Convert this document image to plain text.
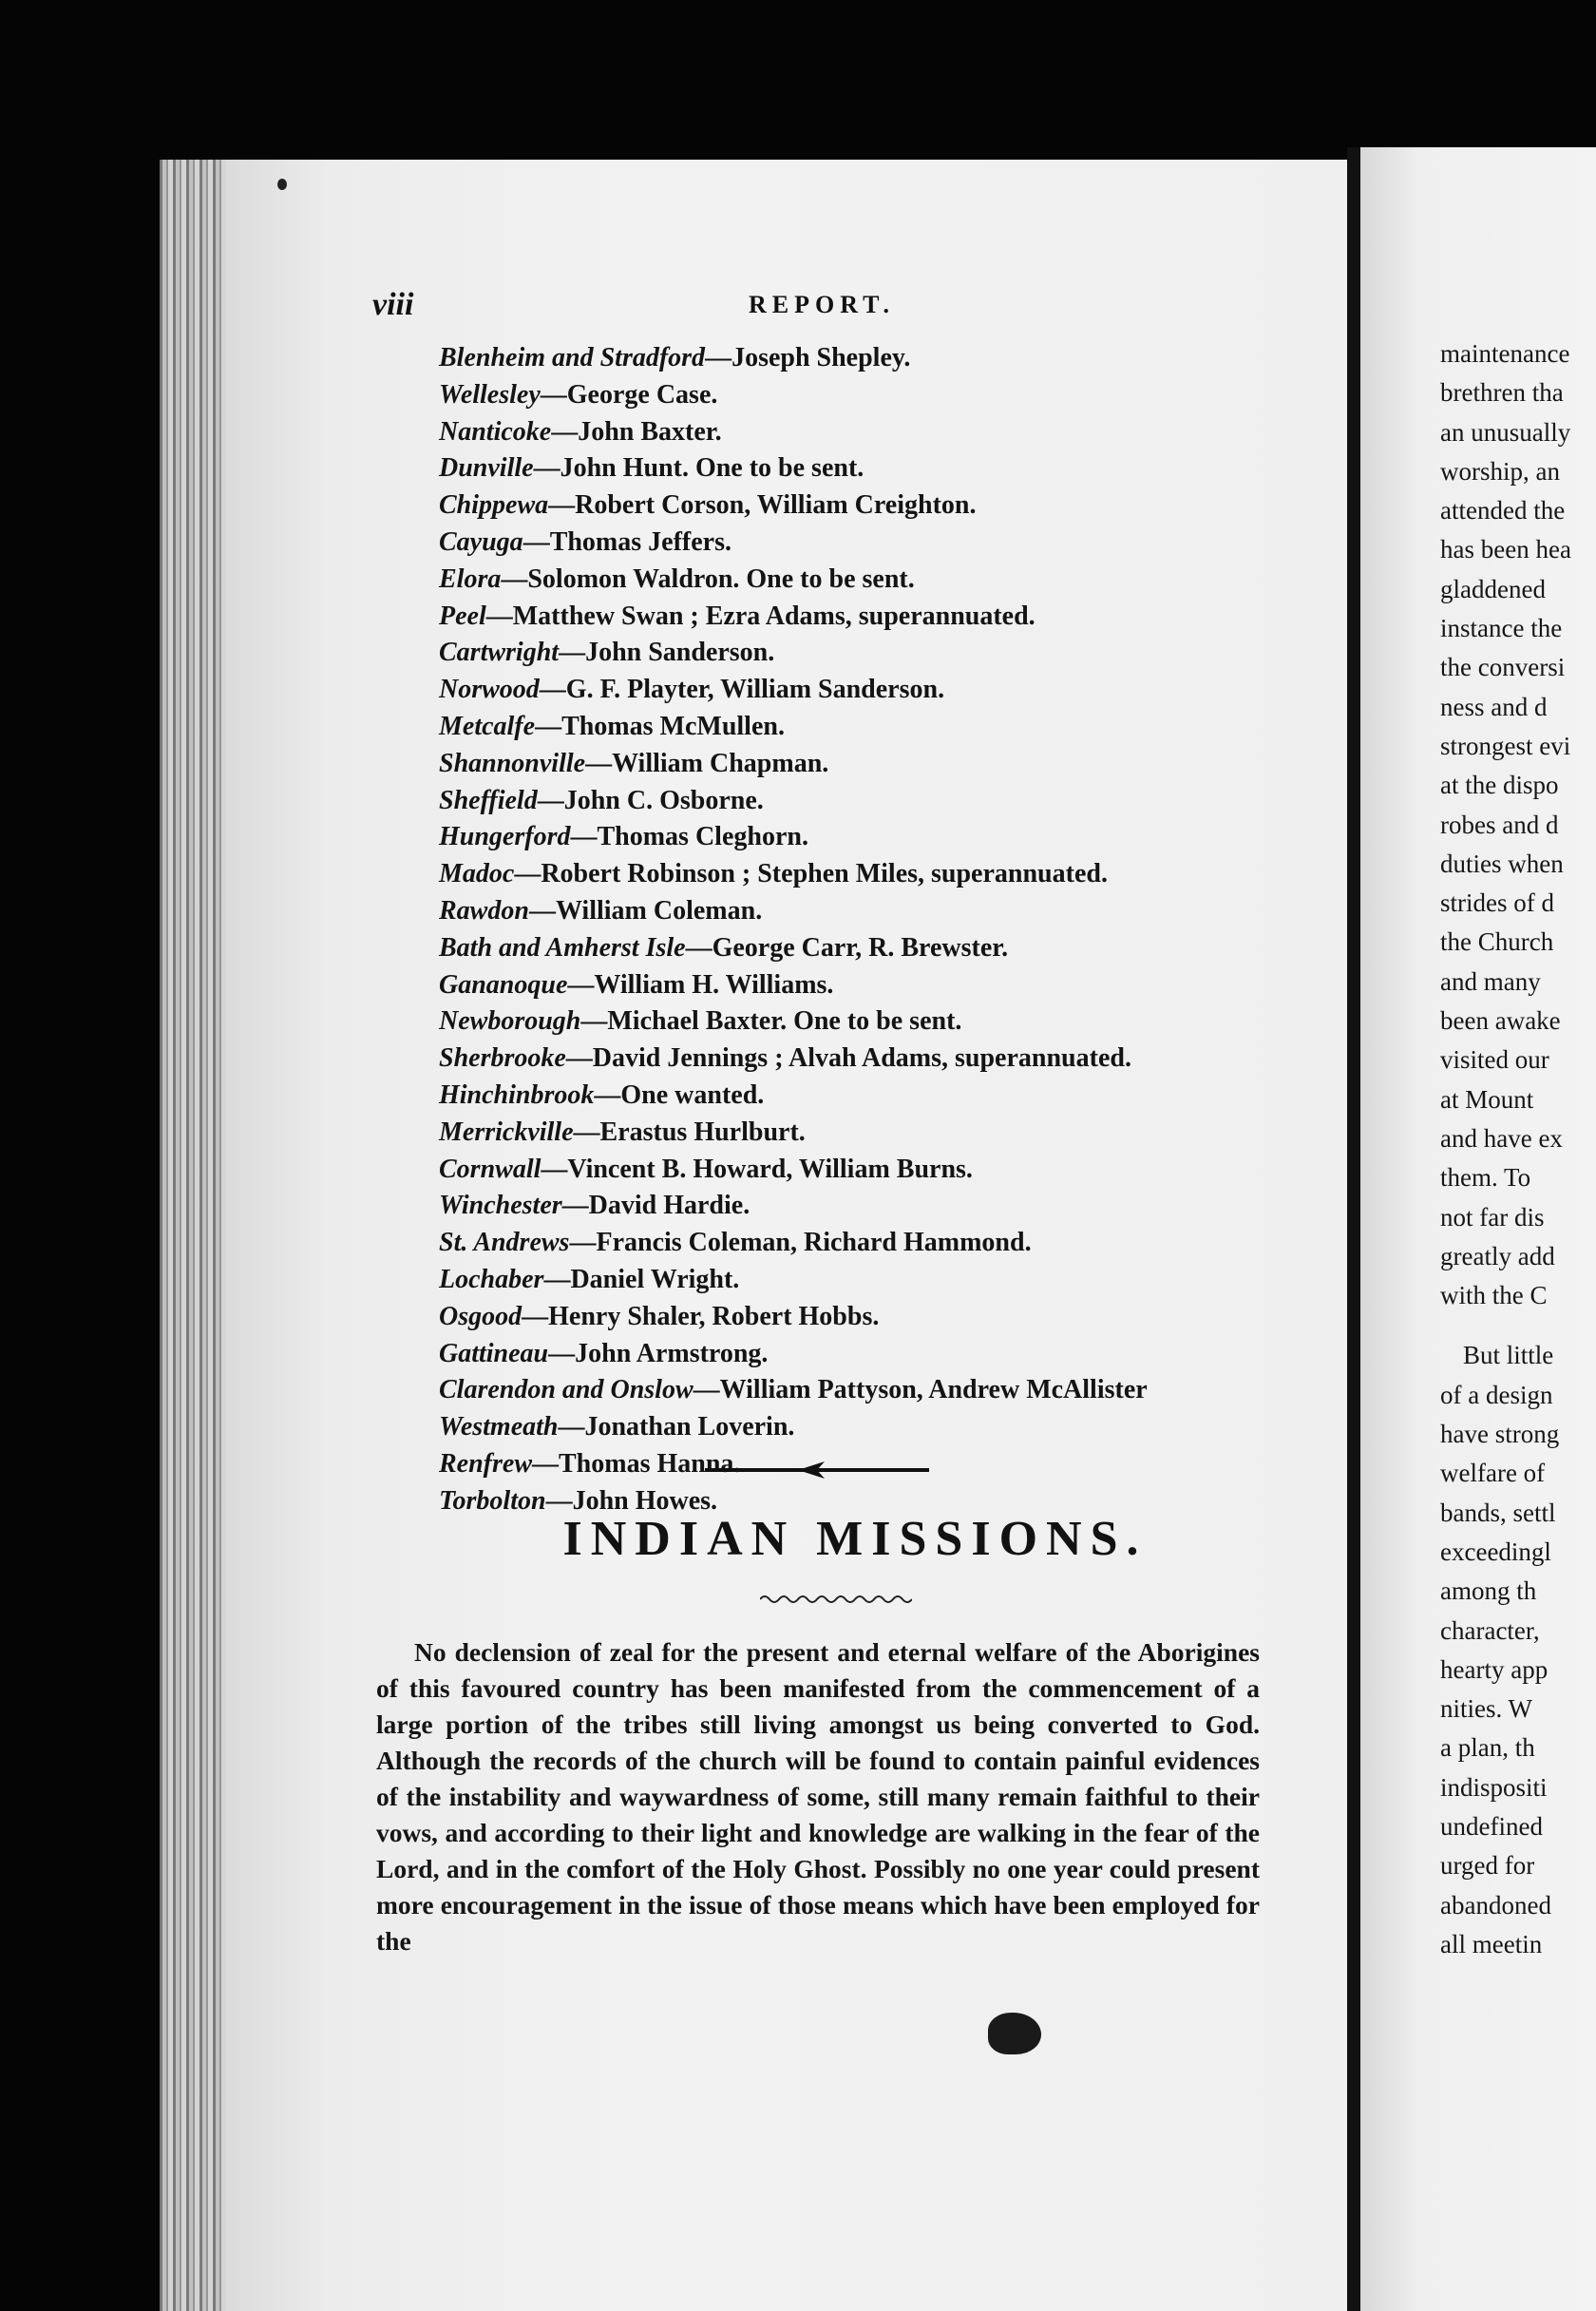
viii	REPORT.
Blenheim and Stradford—Joseph Shepley.
Wellesley—George Case.
Nanticoke—John Baxter.
Dunville—John Hunt. One to be sent.
Chippewa—Robert Corson, William Creighton.
Cayuga—Thomas Jeffers.
Elora—Solomon Waldron. One to be sent.
Peel—Matthew Swan ; Ezra Adams, superannuated.
Cartwright—John Sanderson.
Norwood—G. F. Playter, William Sanderson.
Metcalfe—Thomas McMullen.
Shannonville—William Chapman.
Sheffield—John C. Osborne.
Hungerford—Thomas Cleghorn.
Madoc—Robert Robinson ; Stephen Miles, superannuated.
Rawdon—William Coleman.
Bath and Amherst Isle—George Carr, R. Brewster.
Gananoque—William H. Williams.
Newborough—Michael Baxter. One to be sent.
Sherbrooke—David Jennings ; Alvah Adams, superannuated.
Hinchinbrook—One wanted.
Merrickville—Erastus Hurlburt.
Cornwall—Vincent B. Howard, William Burns.
Winchester—David Hardie.
St. Andrews—Francis Coleman, Richard Hammond.
Lochaber—Daniel Wright.
Osgood—Henry Shaler, Robert Hobbs.
Gattineau—John Armstrong.
Clarendon and Onslow—William Pattyson, Andrew McAllister
Westmeath—Jonathan Loverin.
Renfrew—Thomas Hanna.
Torbolton—John Howes.
INDIAN MISSIONS.

No declension of zeal for the present and eternal welfare of the Aborigines of this favoured country has been manifested from the commencement of a large portion of the tribes still living amongst us being converted to God. Although the records of the church will be found to contain painful evidences of the instability and waywardness of some, still many remain faithful to their vows, and according to their light and knowledge are walking in the fear of the Lord, and in the comfort of the Holy Ghost. Possibly no one year could present more encouragement in the issue of those means which have been employed for the

maintenance
brethren tha
an unusually
worship, an
attended the
has been hea
gladdened
instance the
the conversi
ness and d
strongest evi
at the dispo
robes and d
duties when
strides of d
the Church
and many
been awake
visited our
at Mount
and have ex
them. To
not far dis
greatly add
with the C
But little
of a design
have strong
welfare of
bands, settl
exceedingl
among th
character,
hearty app
nities. W
a plan, th
indispositi
undefined
urged for
abandoned
all meetin
